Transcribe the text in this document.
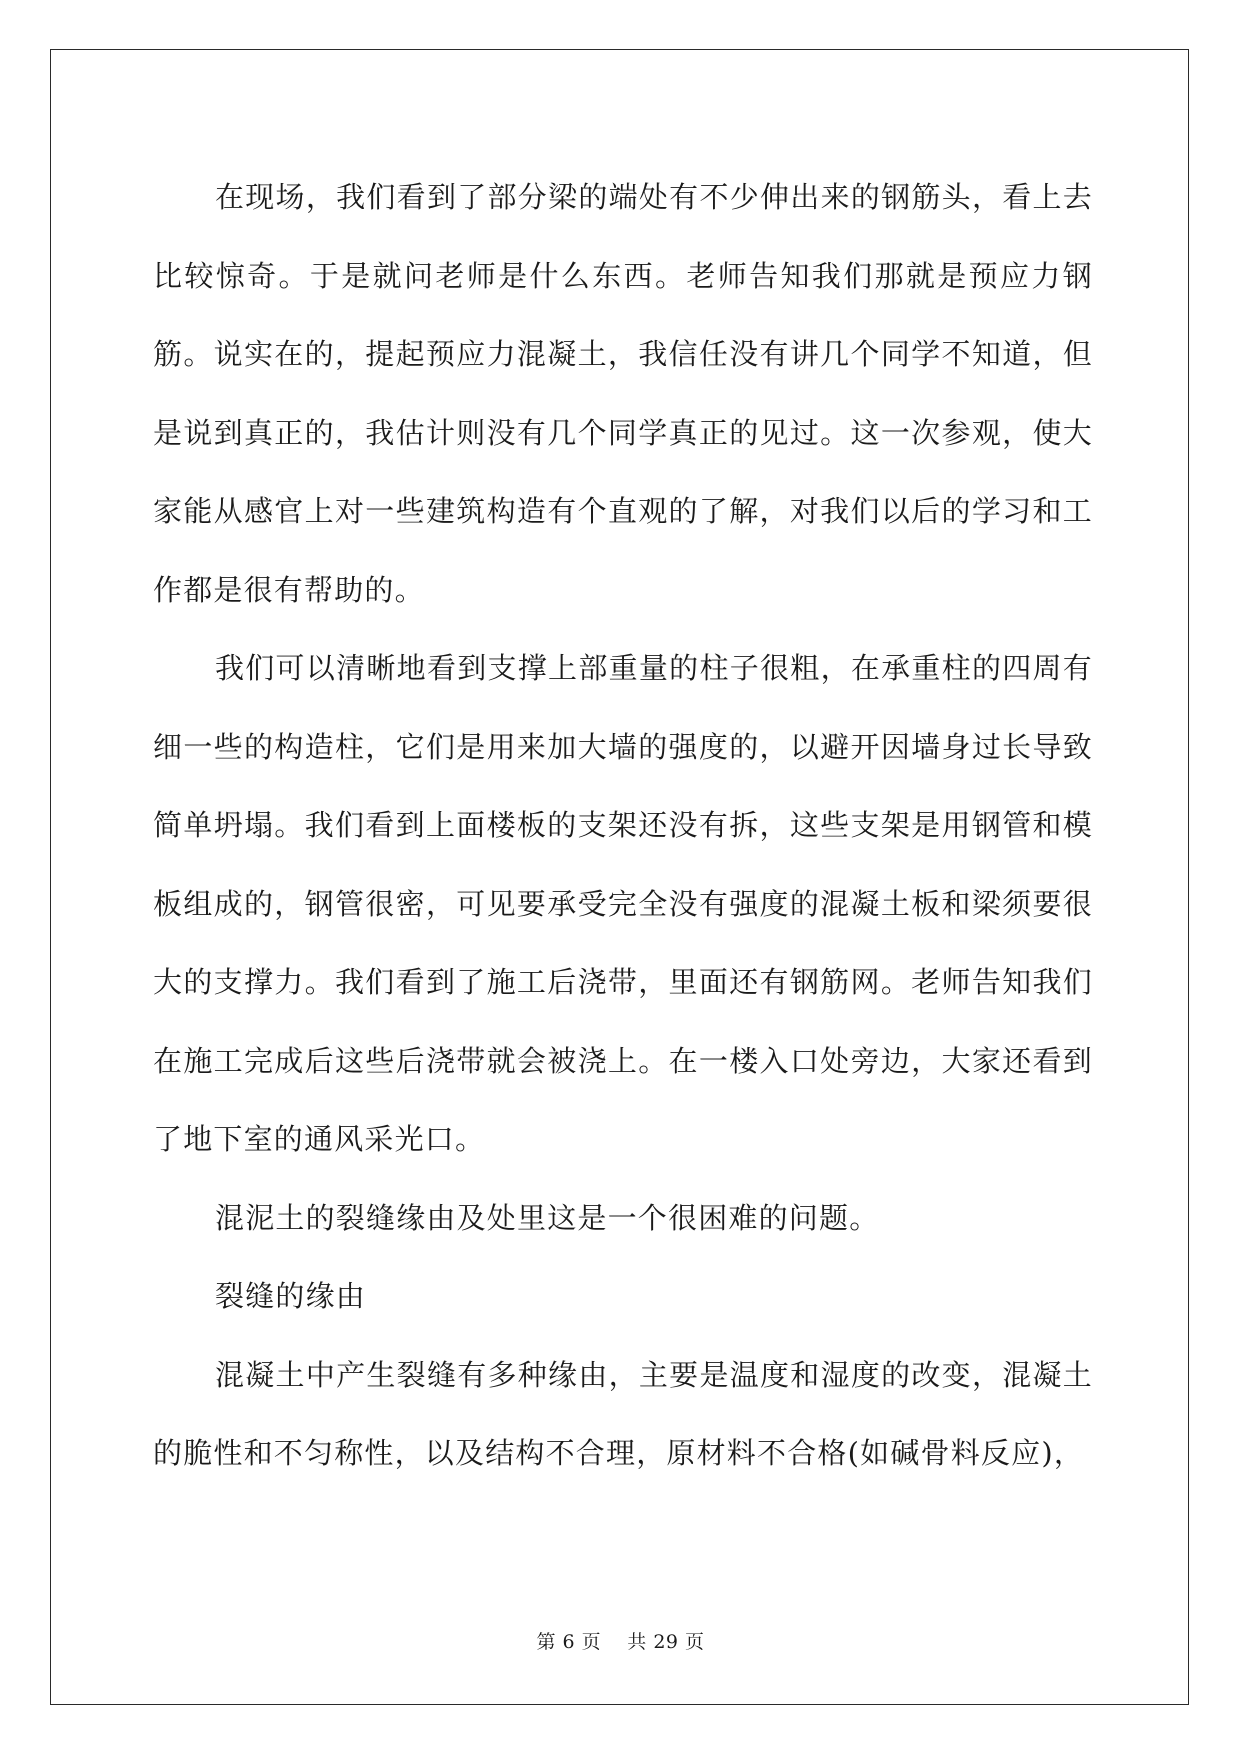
在现场，我们看到了部分梁的端处有不少伸出来的钢筋头，看上去比较惊奇。于是就问老师是什么东西。老师告知我们那就是预应力钢筋。说实在的，提起预应力混凝土，我信任没有讲几个同学不知道，但是说到真正的，我估计则没有几个同学真正的见过。这一次参观，使大家能从感官上对一些建筑构造有个直观的了解，对我们以后的学习和工作都是很有帮助的。

我们可以清晰地看到支撑上部重量的柱子很粗，在承重柱的四周有细一些的构造柱，它们是用来加大墙的强度的，以避开因墙身过长导致简单坍塌。我们看到上面楼板的支架还没有拆，这些支架是用钢管和模板组成的，钢管很密，可见要承受完全没有强度的混凝土板和梁须要很大的支撑力。我们看到了施工后浇带，里面还有钢筋网。老师告知我们在施工完成后这些后浇带就会被浇上。在一楼入口处旁边，大家还看到了地下室的通风采光口。

混泥土的裂缝缘由及处里这是一个很困难的问题。

裂缝的缘由

混凝土中产生裂缝有多种缘由，主要是温度和湿度的改变，混凝土的脆性和不匀称性，以及结构不合理，原材料不合格(如碱骨料反应)，

第 6 页 共 29 页
